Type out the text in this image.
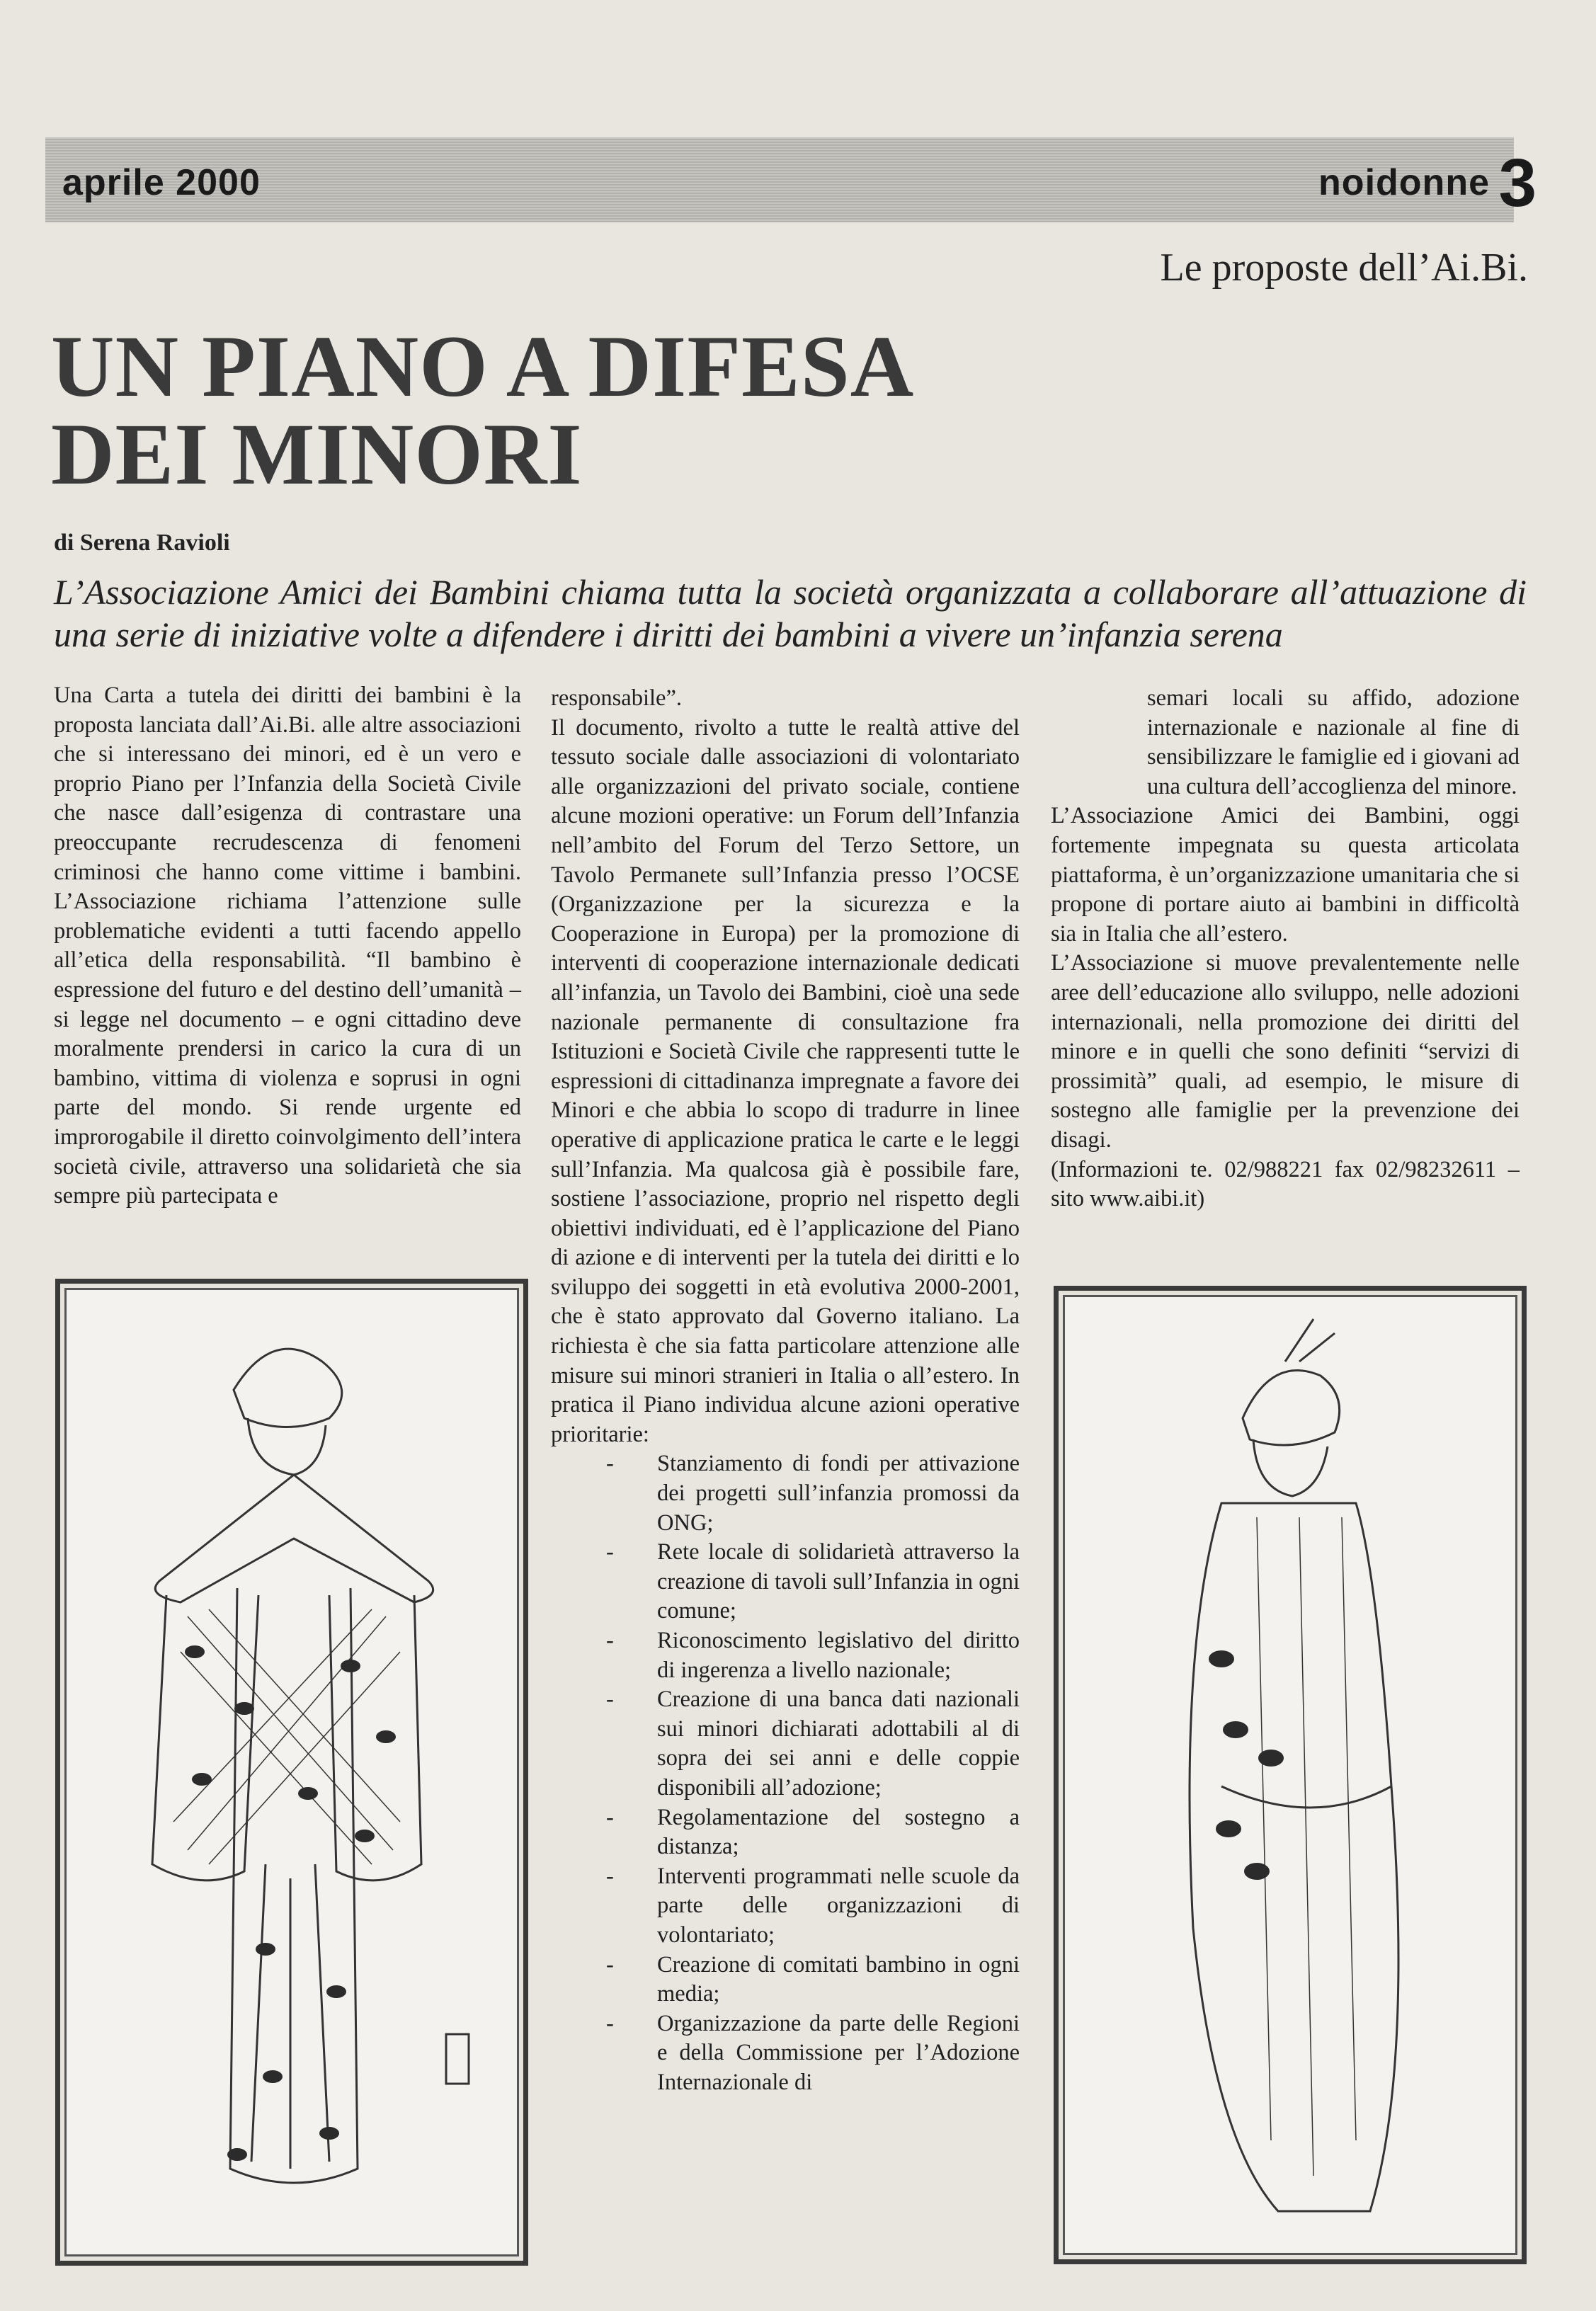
aprile 2000	noidonne 3
Le proposte dell’Ai.Bi.
UN PIANO A DIFESA
DEI MINORI
di Serena Ravioli
L’Associazione Amici dei Bambini chiama tutta la società organizzata a collaborare all’attuazione di una serie di iniziative volte a difendere i diritti dei bambini a vivere un’infanzia serena

Una Carta a tutela dei diritti dei bambini è la proposta lanciata dall’Ai.Bi. alle altre associazioni che si interessano dei minori, ed è un vero e proprio Piano per l’Infanzia della Società Civile che nasce dall’esigenza di contrastare una preoccupante recrudescenza di fenomeni criminosi che hanno come vittime i bambini. L’Associazione richiama l’attenzione sulle problematiche evidenti a tutti facendo appello all’etica della responsabilità. “Il bambino è espressione del futuro e del destino dell’umanità – si legge nel documento – e ogni cittadino deve moralmente prendersi in carico la cura di un bambino, vittima di violenza e soprusi in ogni parte del mondo. Si rende urgente ed improrogabile il diretto coinvolgimento dell’intera società civile, attraverso una solidarietà che sia sempre più partecipata e

responsabile”.

Il documento, rivolto a tutte le realtà attive del tessuto sociale dalle associazioni di volontariato alle organizzazioni del privato sociale, contiene alcune mozioni operative: un Forum dell’Infanzia nell’ambito del Forum del Terzo Settore, un Tavolo Permanete sull’Infanzia presso l’OCSE (Organizzazione per la sicurezza e la Cooperazione in Europa) per la promozione di interventi di cooperazione internazionale dedicati all’infanzia, un Tavolo dei Bambini, cioè una sede nazionale permanente di consultazione fra Istituzioni e Società Civile che rappresenti tutte le espressioni di cittadinanza impregnate a favore dei Minori e che abbia lo scopo di tradurre in linee operative di applicazione pratica le carte e le leggi sull’Infanzia. Ma qualcosa già è possibile fare, sostiene l’associazione, proprio nel rispetto degli obiettivi individuati, ed è l’applicazione del Piano di azione e di interventi per la tutela dei diritti e lo sviluppo dei soggetti in età evolutiva 2000-2001, che è stato approvato dal Governo italiano. La richiesta è che sia fatta particolare attenzione alle misure sui minori stranieri in Italia o all’estero. In pratica il Piano individua alcune azioni operative prioritarie:

- Stanziamento di fondi per attivazione dei progetti sull’infanzia promossi da ONG;
- Rete locale di solidarietà attraverso la creazione di tavoli sull’Infanzia in ogni comune;
- Riconoscimento legislativo del diritto di ingerenza a livello nazionale;
- Creazione di una banca dati nazionali sui minori dichiarati adottabili al di sopra dei sei anni e delle coppie disponibili all’adozione;
- Regolamentazione del sostegno a distanza;
- Interventi programmati nelle scuole da parte delle organizzazioni di volontariato;
- Creazione di comitati bambino in ogni media;
- Organizzazione da parte delle Regioni e della Commissione per l’Adozione Internazionale di

semari locali su affido, adozione internazionale e nazionale al fine di sensibilizzare le famiglie ed i giovani ad una cultura dell’accoglienza del minore.

L’Associazione Amici dei Bambini, oggi fortemente impegnata su questa articolata piattaforma, è un’organizzazione umanitaria che si propone di portare aiuto ai bambini in difficoltà sia in Italia che all’estero.

L’Associazione si muove prevalentemente nelle aree dell’educazione allo sviluppo, nelle adozioni internazionali, nella promozione dei diritti del minore e in quelli che sono definiti “servizi di prossimità” quali, ad esempio, le misure di sostegno alle famiglie per la prevenzione dei disagi.

(Informazioni te. 02/988221 fax 02/98232611 – sito www.aibi.it)
